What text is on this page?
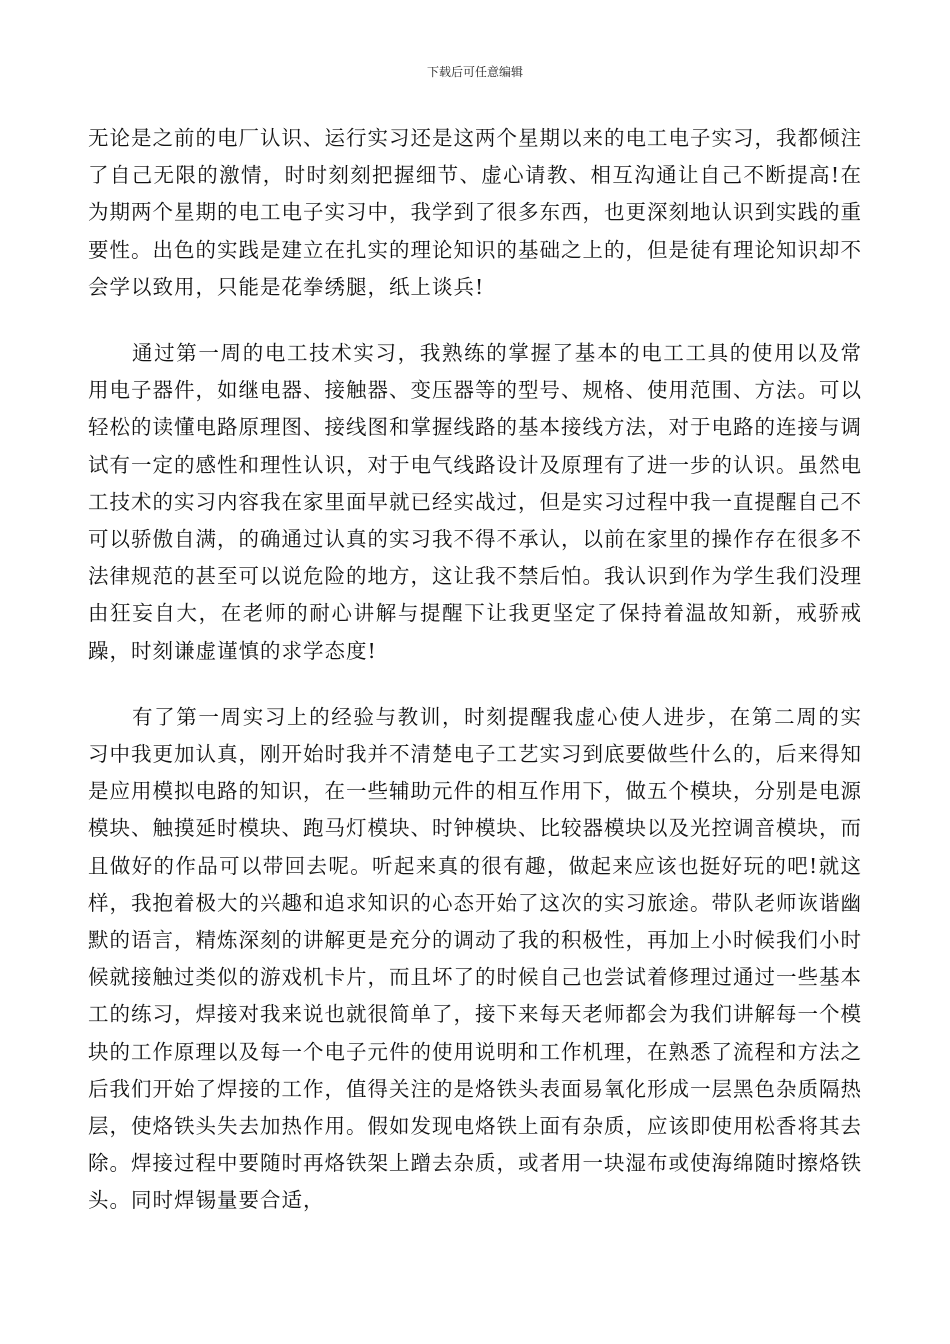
下载后可任意编辑

无论是之前的电厂认识、运行实习还是这两个星期以来的电工电子实习，我都倾注了自己无限的激情，时时刻刻把握细节、虚心请教、相互沟通让自己不断提高!在为期两个星期的电工电子实习中，我学到了很多东西，也更深刻地认识到实践的重要性。出色的实践是建立在扎实的理论知识的基础之上的，但是徒有理论知识却不会学以致用，只能是花拳绣腿，纸上谈兵!

通过第一周的电工技术实习，我熟练的掌握了基本的电工工具的使用以及常用电子器件，如继电器、接触器、变压器等的型号、规格、使用范围、方法。可以轻松的读懂电路原理图、接线图和掌握线路的基本接线方法，对于电路的连接与调试有一定的感性和理性认识，对于电气线路设计及原理有了进一步的认识。虽然电工技术的实习内容我在家里面早就已经实战过，但是实习过程中我一直提醒自己不可以骄傲自满，的确通过认真的实习我不得不承认，以前在家里的操作存在很多不法律规范的甚至可以说危险的地方，这让我不禁后怕。我认识到作为学生我们没理由狂妄自大，在老师的耐心讲解与提醒下让我更坚定了保持着温故知新，戒骄戒躁，时刻谦虚谨慎的求学态度!

有了第一周实习上的经验与教训，时刻提醒我虚心使人进步，在第二周的实习中我更加认真，刚开始时我并不清楚电子工艺实习到底要做些什么的，后来得知是应用模拟电路的知识，在一些辅助元件的相互作用下，做五个模块，分别是电源模块、触摸延时模块、跑马灯模块、时钟模块、比较器模块以及光控调音模块，而且做好的作品可以带回去呢。听起来真的很有趣，做起来应该也挺好玩的吧!就这样，我抱着极大的兴趣和追求知识的心态开始了这次的实习旅途。带队老师诙谐幽默的语言，精炼深刻的讲解更是充分的调动了我的积极性，再加上小时候我们小时候就接触过类似的游戏机卡片，而且坏了的时候自己也尝试着修理过通过一些基本工的练习，焊接对我来说也就很简单了，接下来每天老师都会为我们讲解每一个模块的工作原理以及每一个电子元件的使用说明和工作机理，在熟悉了流程和方法之后我们开始了焊接的工作，值得关注的是烙铁头表面易氧化形成一层黑色杂质隔热层，使烙铁头失去加热作用。假如发现电烙铁上面有杂质，应该即使用松香将其去除。焊接过程中要随时再烙铁架上蹭去杂质，或者用一块湿布或使海绵随时擦烙铁头。同时焊锡量要合适，
